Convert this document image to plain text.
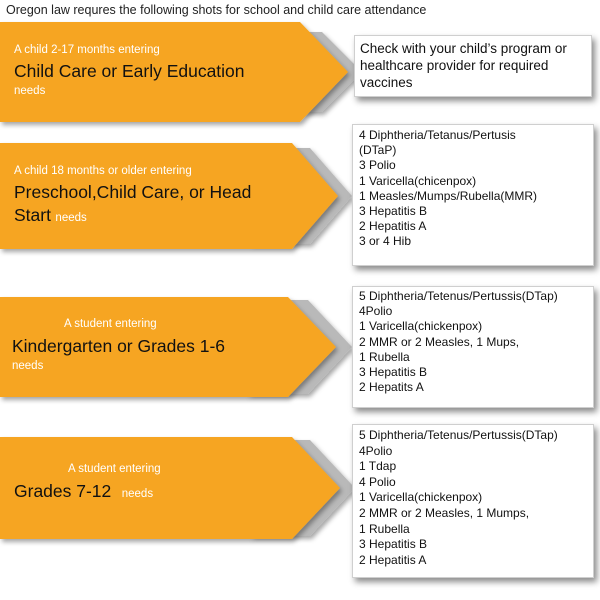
Oregon law requres the following shots for school and child care attendance
A child 2-17 months entering
Child Care or Early Education
needs
Check with your child’s program or healthcare provider for required vaccines
A child 18 months or older entering
Preschool,Child Care, or Head
Start needs
4 Diphtheria/Tetanus/Pertusis
(DTaP)
3 Polio
1 Varicella(chicenpox)
1 Measles/Mumps/Rubella(MMR)
3 Hepatitis B
2 Hepatitis A
3 or 4 Hib
A student entering
Kindergarten or Grades 1-6
needs
5 Diphtheria/Tetenus/Pertussis(DTap)
4Polio
1 Varicella(chickenpox)
2 MMR or 2 Measles, 1 Mups,
1 Rubella
3 Hepatitis B
2 Hepatits A
A student entering
Grades 7-12 needs
5 Diphtheria/Tetenus/Pertussis(DTap)
4Polio
1 Tdap
4 Polio
1 Varicella(chickenpox)
2 MMR or 2 Measles, 1 Mumps,
1 Rubella
3 Hepatitis B
2 Hepatitis A
